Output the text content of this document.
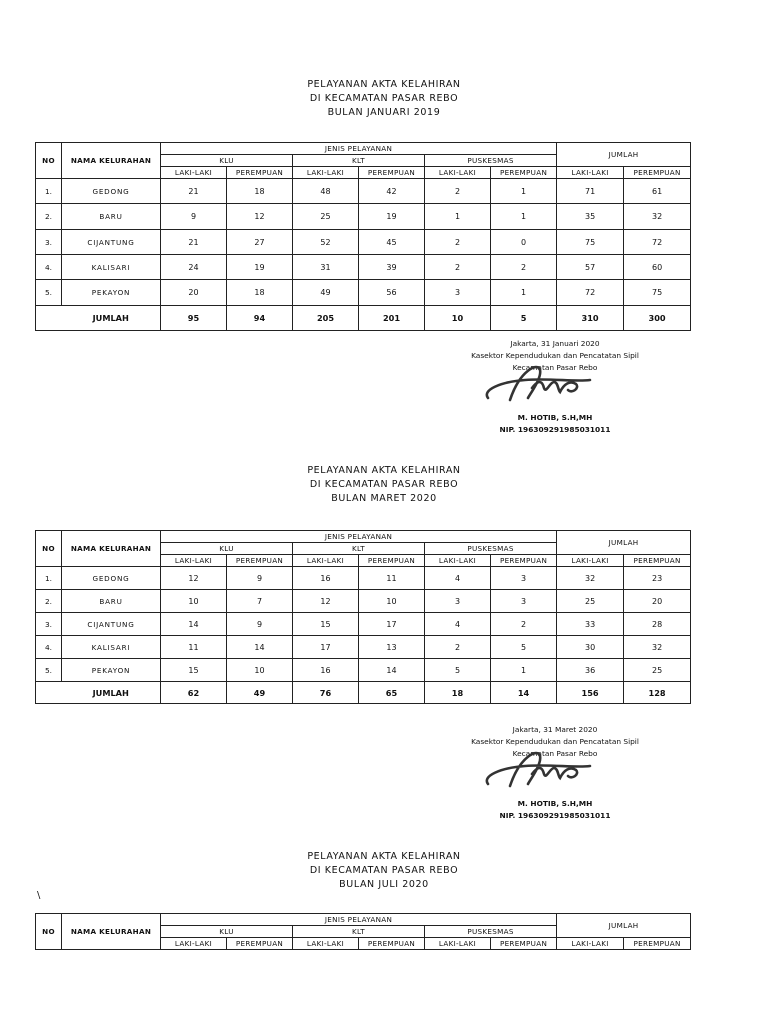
PELAYANAN AKTA KELAHIRAN
DI KECAMATAN PASAR REBO
BULAN JANUARI 2019
NO	NAMA KELURAHAN	JENIS PELAYANAN						JUMLAH	
		KLU		KLT		PUSKESMAS			
		LAKI-LAKI	PEREMPUAN	LAKI-LAKI	PEREMPUAN	LAKI-LAKI	PEREMPUAN	LAKI-LAKI	PEREMPUAN
1.	GEDONG	21	18	48	42	2	1	71	61
2.	BARU	9	12	25	19	1	1	35	32
3.	CIJANTUNG	21	27	52	45	2	0	75	72
4.	KALISARI	24	19	31	39	2	2	57	60
5.	PEKAYON	20	18	49	56	3	1	72	75
	JUMLAH	95	94	205	201	10	5	310	300
Jakarta, 31 Januari 2020
Kasektor Kependudukan dan Pencatatan Sipil
Kecamatan Pasar Rebo
M. HOTIB, S.H,MH
NIP. 196309291985031011
PELAYANAN AKTA KELAHIRAN
DI KECAMATAN PASAR REBO
BULAN MARET 2020
NO	NAMA KELURAHAN	JENIS PELAYANAN						JUMLAH	
		KLU		KLT		PUSKESMAS			
		LAKI-LAKI	PEREMPUAN	LAKI-LAKI	PEREMPUAN	LAKI-LAKI	PEREMPUAN	LAKI-LAKI	PEREMPUAN
1.	GEDONG	12	9	16	11	4	3	32	23
2.	BARU	10	7	12	10	3	3	25	20
3.	CIJANTUNG	14	9	15	17	4	2	33	28
4.	KALISARI	11	14	17	13	2	5	30	32
5.	PEKAYON	15	10	16	14	5	1	36	25
	JUMLAH	62	49	76	65	18	14	156	128
Jakarta, 31 Maret 2020
Kasektor Kependudukan dan Pencatatan Sipil
Kecamatan Pasar Rebo
M. HOTIB, S.H,MH
NIP. 196309291985031011
PELAYANAN AKTA KELAHIRAN
DI KECAMATAN PASAR REBO
BULAN JULI 2020
\
NO	NAMA KELURAHAN	JENIS PELAYANAN						JUMLAH	
		KLU		KLT		PUSKESMAS			
		LAKI-LAKI	PEREMPUAN	LAKI-LAKI	PEREMPUAN	LAKI-LAKI	PEREMPUAN	LAKI-LAKI	PEREMPUAN
